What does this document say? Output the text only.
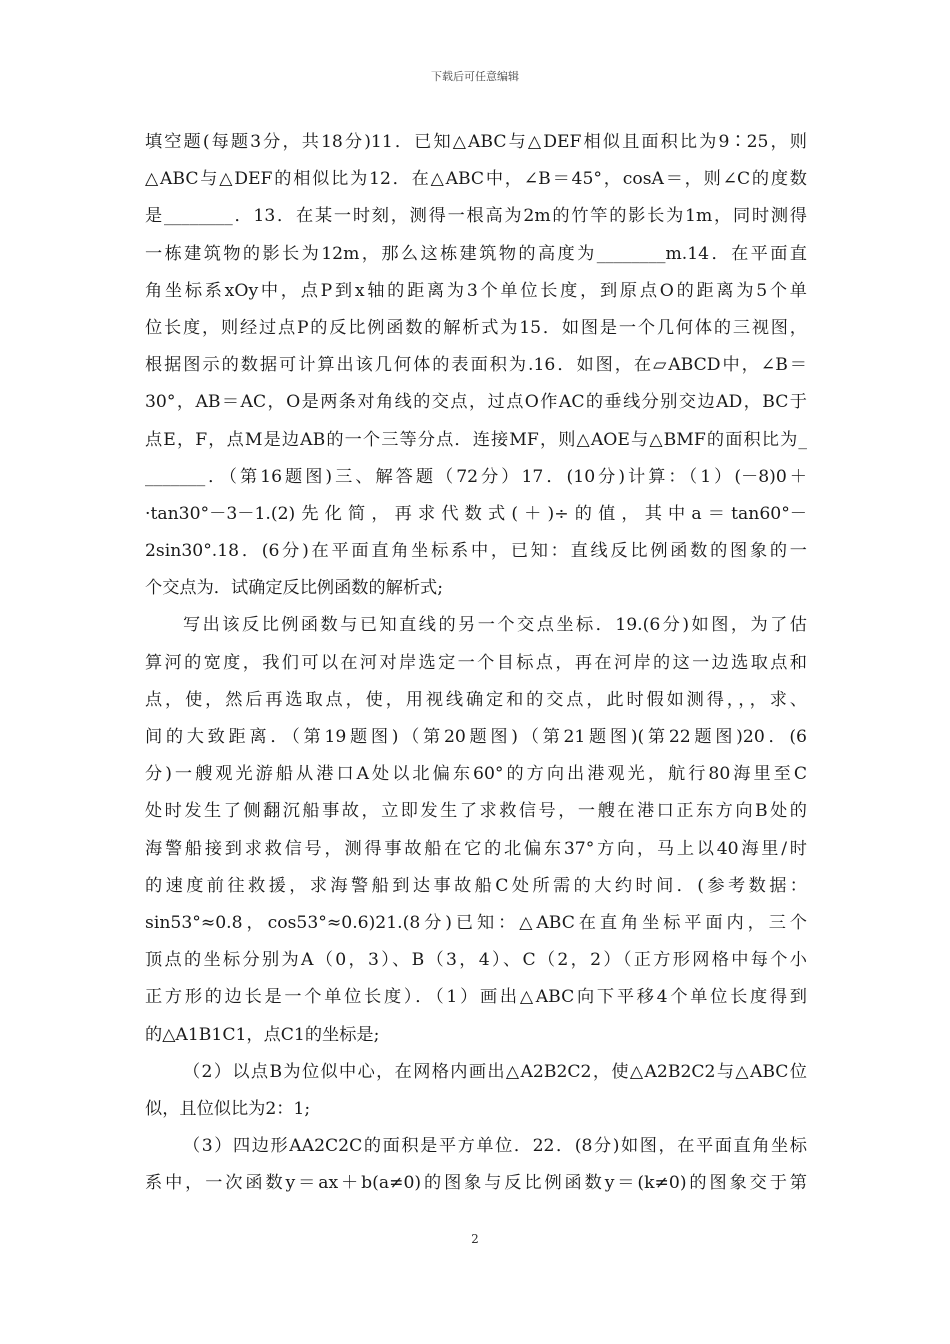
下载后可任意编辑
填空题(每题3分，共18分)11．已知△ABC与△DEF相似且面积比为9∶25，则
△ABC与△DEF的相似比为12．在△ABC中，∠B＝45°，cosA＝，则∠C的度数
是________．13．在某一时刻，测得一根高为2m的竹竿的影长为1m，同时测得
一栋建筑物的影长为12m，那么这栋建筑物的高度为________m.14．在平面直
角坐标系xOy中，点P到x轴的距离为3个单位长度，到原点O的距离为5个单
位长度，则经过点P的反比例函数的解析式为15．如图是一个几何体的三视图，
根据图示的数据可计算出该几何体的表面积为.16．如图，在▱ABCD中，∠B＝
30°，AB＝AC，O是两条对角线的交点，过点O作AC的垂线分别交边AD，BC于
点E，F，点M是边AB的一个三等分点．连接MF，则△AOE与△BMF的面积比为_
_______．（第16题图)三、解答题（72分）17．(10分)计算：（1）(－8)0＋
·tan30°－3－1.(2)先化简，再求代数式(＋)÷的值，其中a＝tan60°－
2sin30°.18．(6分)在平面直角坐标系中，已知：直线反比例函数的图象的一
个交点为．试确定反比例函数的解析式;
写出该反比例函数与已知直线的另一个交点坐标．19.(6分)如图，为了估
算河的宽度，我们可以在河对岸选定一个目标点，再在河岸的这一边选取点和
点，使，然后再选取点，使，用视线确定和的交点，此时假如测得，，，求、
间的大致距离．（第19题图)（第20题图)（第21题图)(第22题图)20．(6
分)一艘观光游船从港口A处以北偏东60°的方向出港观光，航行80海里至C
处时发生了侧翻沉船事故，立即发生了求救信号，一艘在港口正东方向B处的
海警船接到求救信号，测得事故船在它的北偏东37°方向，马上以40海里/时
的速度前往救援，求海警船到达事故船C处所需的大约时间．(参考数据：
sin53°≈0.8，cos53°≈0.6)21.(8分)已知：△ABC在直角坐标平面内，三个
顶点的坐标分别为A（0，3）、B（3，4）、C（2，2）（正方形网格中每个小
正方形的边长是一个单位长度）．（1）画出△ABC向下平移4个单位长度得到
的△A1B1C1，点C1的坐标是;
（2）以点B为位似中心，在网格内画出△A2B2C2，使△A2B2C2与△ABC位
似，且位似比为2：1;
（3）四边形AA2C2C的面积是平方单位．22．(8分)如图，在平面直角坐标
系中，一次函数y＝ax＋b(a≠0)的图象与反比例函数y＝(k≠0)的图象交于第
2
